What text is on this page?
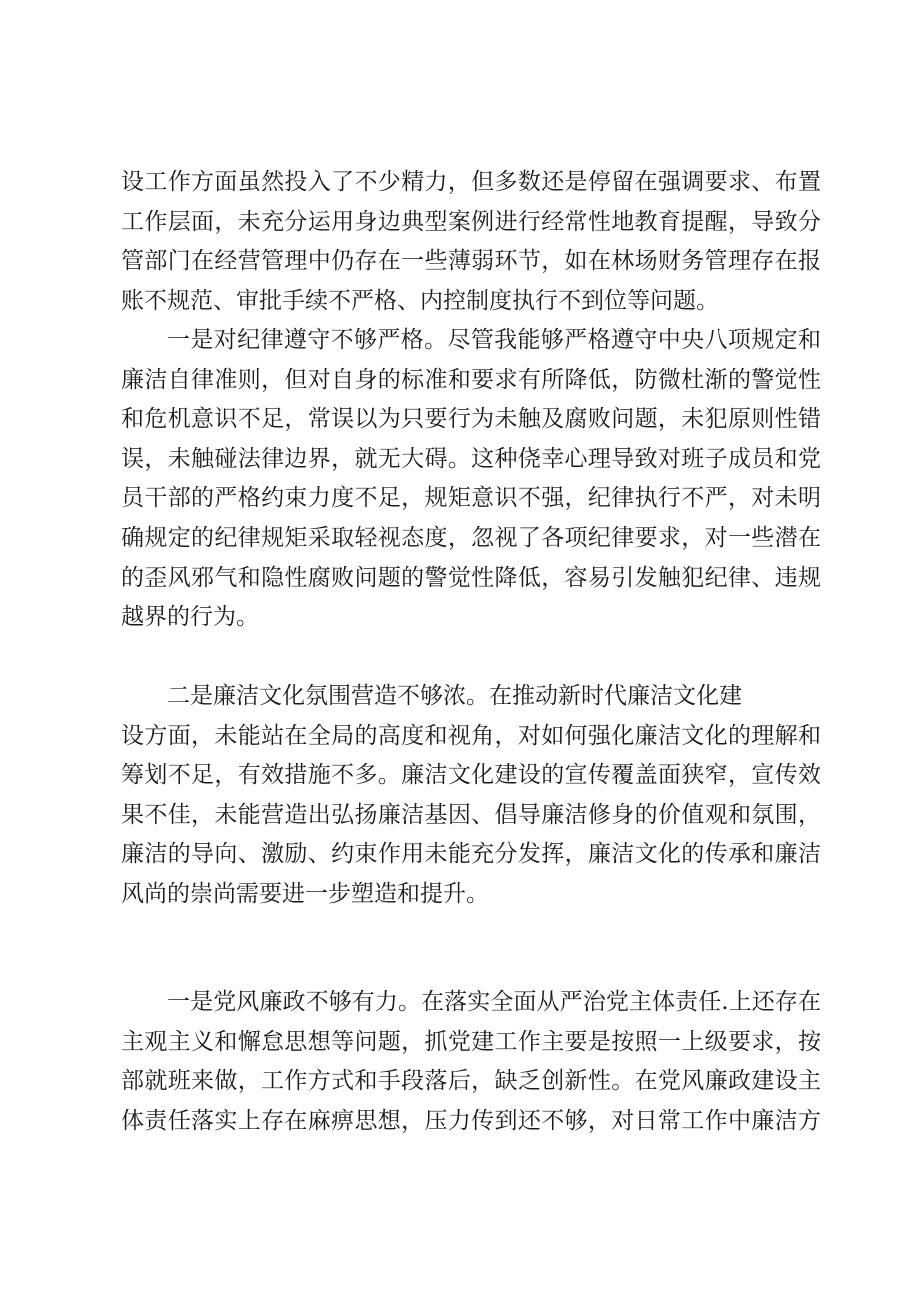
设工作方面虽然投入了不少精力，但多数还是停留在强调要求、布置
工作层面，未充分运用身边典型案例进行经常性地教育提醒，导致分
管部门在经营管理中仍存在一些薄弱环节，如在林场财务管理存在报
账不规范、审批手续不严格、内控制度执行不到位等问题。
一是对纪律遵守不够严格。尽管我能够严格遵守中央八项规定和
廉洁自律准则，但对自身的标准和要求有所降低，防微杜渐的警觉性
和危机意识不足，常误以为只要行为未触及腐败问题，未犯原则性错
误，未触碰法律边界，就无大碍。这种侥幸心理导致对班子成员和党
员干部的严格约束力度不足，规矩意识不强，纪律执行不严，对未明
确规定的纪律规矩采取轻视态度，忽视了各项纪律要求，对一些潜在
的歪风邪气和隐性腐败问题的警觉性降低，容易引发触犯纪律、违规
越界的行为。
二是廉洁文化氛围营造不够浓。在推动新时代廉洁文化建
设方面，未能站在全局的高度和视角，对如何强化廉洁文化的理解和
筹划不足，有效措施不多。廉洁文化建设的宣传覆盖面狭窄，宣传效
果不佳，未能营造出弘扬廉洁基因、倡导廉洁修身的价值观和氛围，
廉洁的导向、激励、约束作用未能充分发挥，廉洁文化的传承和廉洁
风尚的崇尚需要进一步塑造和提升。
一是党风廉政不够有力。在落实全面从严治党主体责任.上还存在
主观主义和懈怠思想等问题，抓党建工作主要是按照一上级要求，按
部就班来做，工作方式和手段落后，缺乏创新性。在党风廉政建设主
体责任落实上存在麻痹思想，压力传到还不够，对日常工作中廉洁方
